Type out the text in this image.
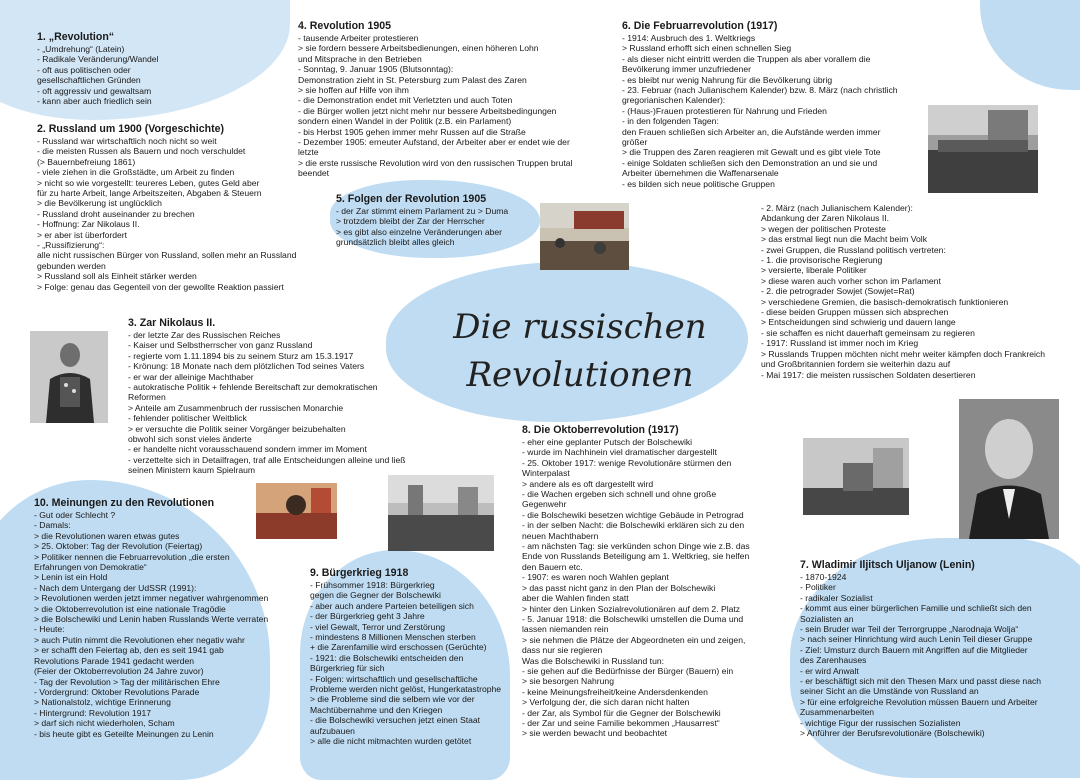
Die russischen
Revolutionen
1. „Revolution“
- „Umdrehung“ (Latein)
- Radikale Veränderung/Wandel
- oft aus politischen oder
gesellschaftlichen Gründen
- oft aggressiv und gewaltsam
- kann aber auch friedlich sein
2. Russland um 1900 (Vorgeschichte)
- Russland war wirtschaftlich noch nicht so weit
- die meisten Russen als Bauern und noch verschuldet
(> Bauernbefreiung 1861)
- viele ziehen in die Großstädte, um Arbeit zu finden
> nicht so wie vorgestellt: teureres Leben, gutes Geld aber
für zu harte Arbeit, lange Arbeitszeiten, Abgaben & Steuern
> die Bevölkerung ist unglücklich
- Russland droht auseinander zu brechen
- Hoffnung: Zar Nikolaus II.
> er aber ist überfordert
- „Russifizierung“:
alle nicht russischen Bürger von Russland, sollen mehr an Russland
gebunden werden
> Russland soll als Einheit stärker werden
> Folge: genau das Gegenteil von der gewollte Reaktion passiert
3. Zar Nikolaus II.
- der letzte Zar des Russischen Reiches
- Kaiser und Selbstherrscher von ganz Russland
- regierte vom 1.11.1894 bis zu seinem Sturz am 15.3.1917
- Krönung: 18 Monate nach dem plötzlichen Tod seines Vaters
- er war der alleinige Machthaber
- autokratische Politik + fehlende Bereitschaft zur demokratischen
Reformen
> Anteile am Zusammenbruch der russischen Monarchie
- fehlender politischer Weitblick
> er versuchte die Politik seiner Vorgänger beizubehalten
obwohl sich sonst vieles änderte
- er handelte nicht vorausschauend sondern immer im Moment
- verzettelte sich in Detailfragen, traf alle Entscheidungen alleine und ließ
seinen Ministern kaum Spielraum
4. Revolution 1905
- tausende Arbeiter protestieren
> sie fordern bessere Arbeitsbedienungen, einen höheren Lohn
und Mitsprache in den Betrieben
- Sonntag, 9. Januar 1905 (Blutsonntag):
Demonstration zieht in St. Petersburg zum Palast des Zaren
> sie hoffen auf Hilfe von ihm
- die Demonstration endet mit Verletzten und auch Toten
- die Bürger wollen jetzt nicht mehr nur bessere Arbeitsbedingungen
sondern einen Wandel in der Politik (z.B. ein Parlament)
- bis Herbst 1905 gehen immer mehr Russen auf die Straße
- Dezember 1905: erneuter Aufstand, der Arbeiter aber er endet wie der
letzte
> die erste russische Revolution wird von den russischen Truppen brutal
beendet
5. Folgen der Revolution 1905
- der Zar stimmt einem Parlament zu > Duma
> trotzdem bleibt der Zar der Herrscher
> es gibt also einzelne Veränderungen aber
grundsätzlich bleibt alles gleich
6. Die Februarrevolution (1917)
- 1914: Ausbruch des 1. Weltkriegs
> Russland erhofft sich einen schnellen Sieg
- als dieser nicht eintritt werden die Truppen als aber vorallem die
Bevölkerung immer unzufriedener
- es bleibt nur wenig Nahrung für die Bevölkerung übrig
- 23. Februar (nach Julianischem Kalender) bzw. 8. März (nach christlich
gregorianischen Kalender):
- (Haus-)Frauen protestieren für Nahrung und Frieden
- in den folgenden Tagen:
den Frauen schließen sich Arbeiter an, die Aufstände werden immer
größer
> die Truppen des Zaren reagieren mit Gewalt und es gibt viele Tote
- einige Soldaten schließen sich den Demonstration an und sie und
Arbeiter übernehmen die Waffenarsenale
- es bilden sich neue politische Gruppen
- 2. März (nach Julianischem Kalender):
Abdankung der Zaren Nikolaus II.
> wegen der politischen Proteste
> das erstmal liegt nun die Macht beim Volk
- zwei Gruppen, die Russland politisch vertreten:
- 1. die provisorische Regierung
> versierte, liberale Politiker
> diese waren auch vorher schon im Parlament
- 2. die petrograder Sowjet (Sowjet=Rat)
> verschiedene Gremien, die basisch-demokratisch funktionieren
- diese beiden Gruppen müssen sich absprechen
> Entscheidungen sind schwierig und dauern lange
- sie schaffen es nicht dauerhaft gemeinsam zu regieren
- 1917: Russland ist immer noch im Krieg
> Russlands Truppen möchten nicht mehr weiter kämpfen doch Frankreich
und Großbritannien fordern sie weiterhin dazu auf
- Mai 1917: die meisten russischen Soldaten desertieren
7. Wladimir Iljitsch Uljanow (Lenin)
- 1870-1924
- Politiker
- radikaler Sozialist
- kommt aus einer bürgerlichen Familie und schließt sich den
Sozialisten an
- sein Bruder war Teil der Terrorgruppe „Narodnaja Wolja“
> nach seiner Hinrichtung wird auch Lenin Teil dieser Gruppe
- Ziel: Umsturz durch Bauern mit Angriffen auf die Mitglieder
des Zarenhauses
- er wird Anwalt
- er beschäftigt sich mit den Thesen Marx und passt diese nach
seiner Sicht an die Umstände von Russland an
> für eine erfolgreiche Revolution müssen Bauern und Arbeiter
Zusammenarbeiten
- wichtige Figur der russischen Sozialisten
> Anführer der Berufsrevolutionäre (Bolschewiki)
8. Die Oktoberrevolution (1917)
- eher eine geplanter Putsch der Bolschewiki
- wurde im Nachhinein viel dramatischer dargestellt
- 25. Oktober 1917: wenige Revolutionäre stürmen den
Winterpalast
> andere als es oft dargestellt wird
- die Wachen ergeben sich schnell und ohne große
Gegenwehr
- die Bolschewiki besetzen wichtige Gebäude in Petrograd
- in der selben Nacht: die Bolschewiki erklären sich zu den
neuen Machthabern
- am nächsten Tag: sie verkünden schon Dinge wie z.B. das
Ende von Russlands Beteiligung am 1. Weltkrieg, sie helfen
den Bauern etc.
- 1907: es waren noch Wahlen geplant
> das passt nicht ganz in den Plan der Bolschewiki
aber die Wahlen finden statt
> hinter den Linken Sozialrevolutionären auf dem 2. Platz
- 5. Januar 1918: die Bolschewiki umstellen die Duma und
lassen niemanden rein
> sie nehmen die Plätze der Abgeordneten ein und zeigen,
dass nur sie regieren
Was die Bolschewiki in Russland tun:
- sie gehen auf die Bedürfnisse der Bürger (Bauern) ein
> sie besorgen Nahrung
- keine Meinungsfreiheit/keine Andersdenkenden
> Verfolgung der, die sich daran nicht halten
- der Zar, als Symbol für die Gegner der Bolschewiki
- der Zar und seine Familie bekommen „Hausarrest“
> sie werden bewacht und beobachtet
9. Bürgerkrieg 1918
- Frühsommer 1918: Bürgerkrieg
gegen die Gegner der Bolschewiki
- aber auch andere Parteien beteiligen sich
- der Bürgerkrieg geht 3 Jahre
- viel Gewalt, Terror und Zerstörung
- mindestens 8 Millionen Menschen sterben
+ die Zarenfamilie wird erschossen (Gerüchte)
- 1921: die Bolschewiki entscheiden den
Bürgerkrieg für sich
- Folgen: wirtschaftlich und gesellschaftliche
Probleme werden nicht gelöst, Hungerkatastrophe
> die Probleme sind die selbem wie vor der
Machtübernahme und den Kriegen
- die Bolschewiki versuchen jetzt einen Staat
aufzubauen
> alle die nicht mitmachten wurden getötet
10. Meinungen zu den Revolutionen
- Gut oder Schlecht ?
- Damals:
> die Revolutionen waren etwas gutes
> 25. Oktober: Tag der Revolution (Feiertag)
> Politiker nennen die Februarrevolution „die ersten
Erfahrungen von Demokratie“
> Lenin ist ein Hold
- Nach dem Untergang der UdSSR (1991):
> Revolutionen werden jetzt immer negativer wahrgenommen
> die Oktoberrevolution ist eine nationale Tragödie
> die Bolschewiki und Lenin haben Russlands Werte verraten
- Heute:
> auch Putin nimmt die Revolutionen eher negativ wahr
> er schafft den Feiertag ab, den es seit 1941 gab
Revolutions Parade 1941 gedacht werden
(Feier der Oktoberrevolution 24 Jahre zuvor)
- Tag der Revolution > Tag der militärischen Ehre
- Vordergrund: Oktober Revolutions Parade
> Nationalstolz, wichtige Erinnerung
- Hintergrund: Revolution 1917
> darf sich nicht wiederholen, Scham
- bis heute gibt es Geteilte Meinungen zu Lenin
